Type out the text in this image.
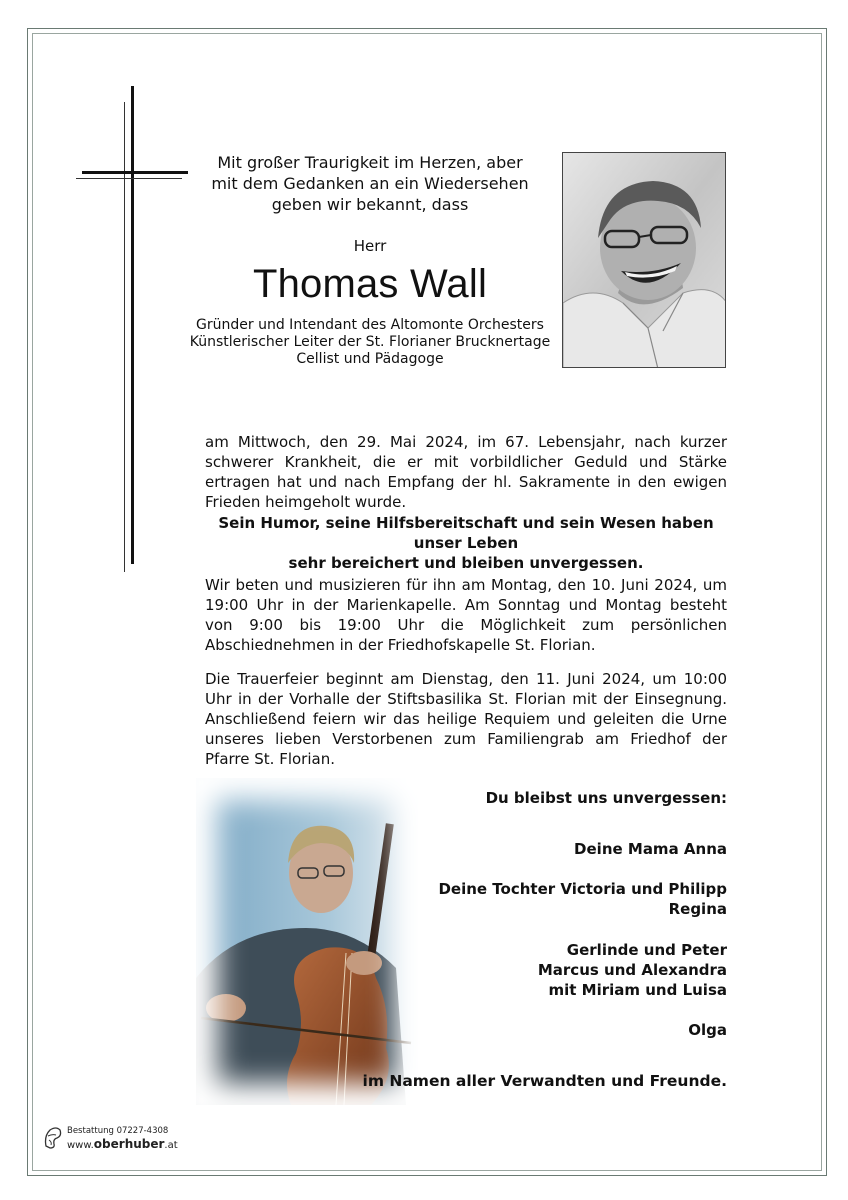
Mit großer Traurigkeit im Herzen, aber
mit dem Gedanken an ein Wiedersehen
geben wir bekannt, dass
Herr
Thomas Wall
Gründer und Intendant des Altomonte Orchesters
Künstlerischer Leiter der St. Florianer Brucknertage
Cellist und Pädagoge

am Mittwoch, den 29. Mai 2024, im 67. Lebensjahr, nach kurzer schwerer Krankheit, die er mit vorbildlicher Geduld und Stärke ertragen hat und nach Empfang der hl. Sakramente in den ewigen Frieden heimgeholt wurde.

Sein Humor, seine Hilfsbereitschaft und sein Wesen haben unser Leben
sehr bereichert und bleiben unvergessen.

Wir beten und musizieren für ihn am Montag, den 10. Juni 2024, um 19:00 Uhr in der Marienkapelle. Am Sonntag und Montag besteht von 9:00 bis 19:00 Uhr die Möglichkeit zum persönlichen Abschiednehmen in der Friedhofskapelle St. Florian.

Die Trauerfeier beginnt am Dienstag, den 11. Juni 2024, um 10:00 Uhr in der Vorhalle der Stiftsbasilika St. Florian mit der Einsegnung. Anschließend feiern wir das heilige Requiem und geleiten die Urne unseres lieben Verstorbenen zum Familiengrab am Friedhof der Pfarre St. Florian.

Du bleibst uns unvergessen:
Deine Mama Anna
Deine Tochter Victoria und Philipp
Regina
Gerlinde und Peter
Marcus und Alexandra
mit Miriam und Luisa
Olga
im Namen aller Verwandten und Freunde.
Bestattung 07227-4308
www.oberhuber.at
